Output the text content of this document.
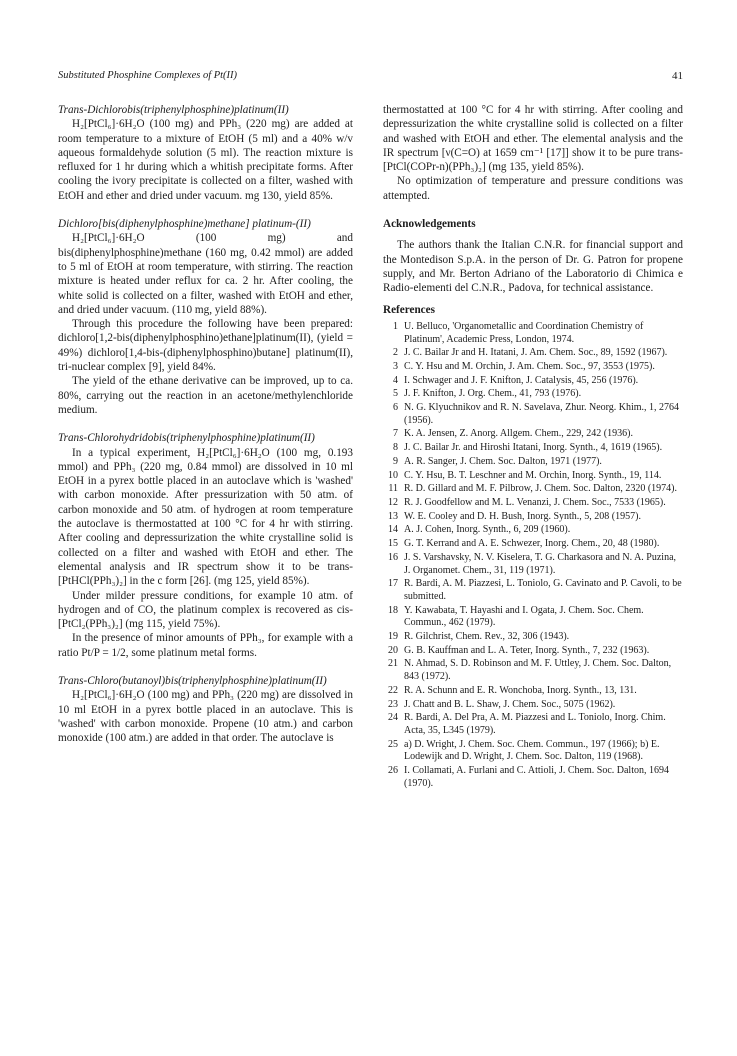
Substituted Phosphine Complexes of Pt(II)	41

Trans-Dichlorobis(triphenylphosphine)platinum(II)

H₂[PtCl₆]·6H₂O (100 mg) and PPh₃ (220 mg) are added at room temperature to a mixture of EtOH (5 ml) and a 40% w/v aqueous formaldehyde solution (5 ml). The reaction mixture is refluxed for 1 hr during which a whitish precipitate forms. After cooling the ivory precipitate is collected on a filter, washed with EtOH and ether and dried under vacuum. mg 130, yield 85%.

Dichloro[bis(diphenylphosphine)methane] platinum-(II)

H₂[PtCl₆]·6H₂O (100 mg) and bis(diphenylphosphine)methane (160 mg, 0.42 mmol) are added to 5 ml of EtOH at room temperature, with stirring. The reaction mixture is heated under reflux for ca. 2 hr. After cooling, the white solid is collected on a filter, washed with EtOH and ether, and dried under vacuum. (110 mg, yield 88%).

Through this procedure the following have been prepared: dichloro[1,2-bis(diphenylphosphino)ethane]platinum(II), (yield = 49%) dichloro[1,4-bis-(diphenylphosphino)butane] platinum(II), tri-nuclear complex [9], yield 84%.

The yield of the ethane derivative can be improved, up to ca. 80%, carrying out the reaction in an acetone/methylenchloride medium.

Trans-Chlorohydridobis(triphenylphosphine)platinum(II)

In a typical experiment, H₂[PtCl₆]·6H₂O (100 mg, 0.193 mmol) and PPh₃ (220 mg, 0.84 mmol) are dissolved in 10 ml EtOH in a pyrex bottle placed in an autoclave which is 'washed' with carbon monoxide. After pressurization with 50 atm. of carbon monoxide and 50 atm. of hydrogen at room temperature the autoclave is thermostatted at 100 °C for 4 hr with stirring. After cooling and depressurization the white crystalline solid is collected on a filter and washed with EtOH and ether. The elemental analysis and IR spectrum show it to be trans-[PtHCl(PPh₃)₂] in the c form [26]. (mg 125, yield 85%).

Under milder pressure conditions, for example 10 atm. of hydrogen and of CO, the platinum complex is recovered as cis-[PtCl₂(PPh₃)₂] (mg 115, yield 75%).

In the presence of minor amounts of PPh₃, for example with a ratio Pt/P = 1/2, some platinum metal forms.

Trans-Chloro(butanoyl)bis(triphenylphosphine)platinum(II)

H₂[PtCl₆]·6H₂O (100 mg) and PPh₃ (220 mg) are dissolved in 10 ml EtOH in a pyrex bottle placed in an autoclave. This is 'washed' with carbon monoxide. Propene (10 atm.) and carbon monoxide (100 atm.) are added in that order. The autoclave is

thermostatted at 100 °C for 4 hr with stirring. After cooling and depressurization the white crystalline solid is collected on a filter and washed with EtOH and ether. The elemental analysis and the IR spectrum [ν(C=O) at 1659 cm⁻¹ [17]] show it to be pure trans-[PtCl(COPr-n)(PPh₃)₂] (mg 135, yield 85%).

No optimization of temperature and pressure conditions was attempted.

Acknowledgements

The authors thank the Italian C.N.R. for financial support and the Montedison S.p.A. in the person of Dr. G. Patron for propene supply, and Mr. Berton Adriano of the Laboratorio di Chimica e Radio-elementi del C.N.R., Padova, for technical assistance.

References

1 U. Belluco, 'Organometallic and Coordination Chemistry of Platinum', Academic Press, London, 1974.
2 J. C. Bailar Jr and H. Itatani, J. Am. Chem. Soc., 89, 1592 (1967).
3 C. Y. Hsu and M. Orchin, J. Am. Chem. Soc., 97, 3553 (1975).
4 I. Schwager and J. F. Knifton, J. Catalysis, 45, 256 (1976).
5 J. F. Knifton, J. Org. Chem., 41, 793 (1976).
6 N. G. Klyuchnikov and R. N. Savelava, Zhur. Neorg. Khim., 1, 2764 (1956).
7 K. A. Jensen, Z. Anorg. Allgem. Chem., 229, 242 (1936).
8 J. C. Bailar Jr. and Hiroshi Itatani, Inorg. Synth., 4, 1619 (1965).
9 A. R. Sanger, J. Chem. Soc. Dalton, 1971 (1977).
10 C. Y. Hsu, B. T. Leschner and M. Orchin, Inorg. Synth., 19, 114.
11 R. D. Gillard and M. F. Pilbrow, J. Chem. Soc. Dalton, 2320 (1974).
12 R. J. Goodfellow and M. L. Venanzi, J. Chem. Soc., 7533 (1965).
13 W. E. Cooley and D. H. Bush, Inorg. Synth., 5, 208 (1957).
14 A. J. Cohen, Inorg. Synth., 6, 209 (1960).
15 G. T. Kerrand and A. E. Schwezer, Inorg. Chem., 20, 48 (1980).
16 J. S. Varshavsky, N. V. Kiselera, T. G. Charkasora and N. A. Puzina, J. Organomet. Chem., 31, 119 (1971).
17 R. Bardi, A. M. Piazzesi, L. Toniolo, G. Cavinato and P. Cavoli, to be submitted.
18 Y. Kawabata, T. Hayashi and I. Ogata, J. Chem. Soc. Chem. Commun., 462 (1979).
19 R. Gilchrist, Chem. Rev., 32, 306 (1943).
20 G. B. Kauffman and L. A. Teter, Inorg. Synth., 7, 232 (1963).
21 N. Ahmad, S. D. Robinson and M. F. Uttley, J. Chem. Soc. Dalton, 843 (1972).
22 R. A. Schunn and E. R. Wonchoba, Inorg. Synth., 13, 131.
23 J. Chatt and B. L. Shaw, J. Chem. Soc., 5075 (1962).
24 R. Bardi, A. Del Pra, A. M. Piazzesi and L. Toniolo, Inorg. Chim. Acta, 35, L345 (1979).
25 a) D. Wright, J. Chem. Soc. Chem. Commun., 197 (1966); b) E. Lodewijk and D. Wright, J. Chem. Soc. Dalton, 119 (1968).
26 I. Collamati, A. Furlani and C. Attioli, J. Chem. Soc. Dalton, 1694 (1970).
